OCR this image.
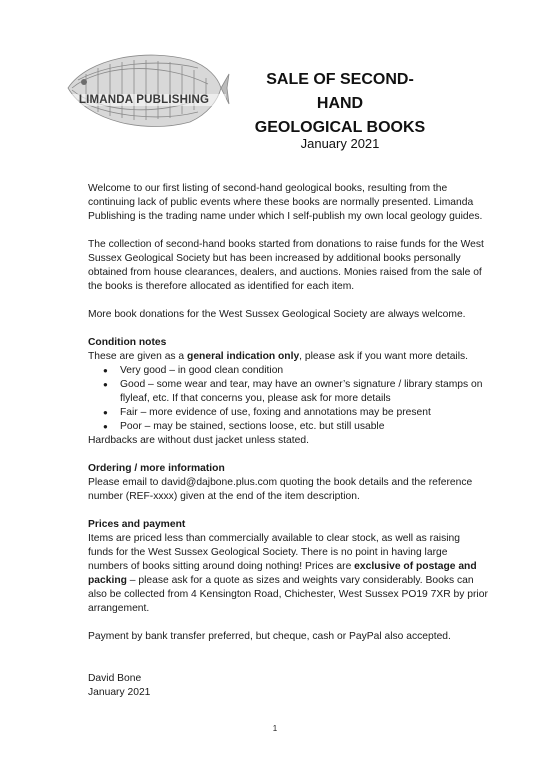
LIMANDA PUBLISHING
SALE OF SECOND-HAND
GEOLOGICAL BOOKS
January 2021

Welcome to our first listing of second-hand geological books, resulting from the continuing lack of public events where these books are normally presented. Limanda Publishing is the trading name under which I self-publish my own local geology guides.

The collection of second-hand books started from donations to raise funds for the West Sussex Geological Society but has been increased by additional books personally obtained from house clearances, dealers, and auctions. Monies raised from the sale of the books is therefore allocated as identified for each item.

More book donations for the West Sussex Geological Society are always welcome.

Condition notes
These are given as a general indication only, please ask if you want more details.
● Very good – in good clean condition
● Good – some wear and tear, may have an owner’s signature / library stamps on flyleaf, etc. If that concerns you, please ask for more details
● Fair – more evidence of use, foxing and annotations may be present
● Poor – may be stained, sections loose, etc. but still usable

Hardbacks are without dust jacket unless stated.

Ordering / more information

Please email to david@dajbone.plus.com quoting the book details and the reference number (REF-xxxx) given at the end of the item description.

Prices and payment

Items are priced less than commercially available to clear stock, as well as raising funds for the West Sussex Geological Society. There is no point in having large numbers of books sitting around doing nothing! Prices are exclusive of postage and packing – please ask for a quote as sizes and weights vary considerably. Books can also be collected from 4 Kensington Road, Chichester, West Sussex PO19 7XR by prior arrangement.

Payment by bank transfer preferred, but cheque, cash or PayPal also accepted.

David Bone
January 2021
1
